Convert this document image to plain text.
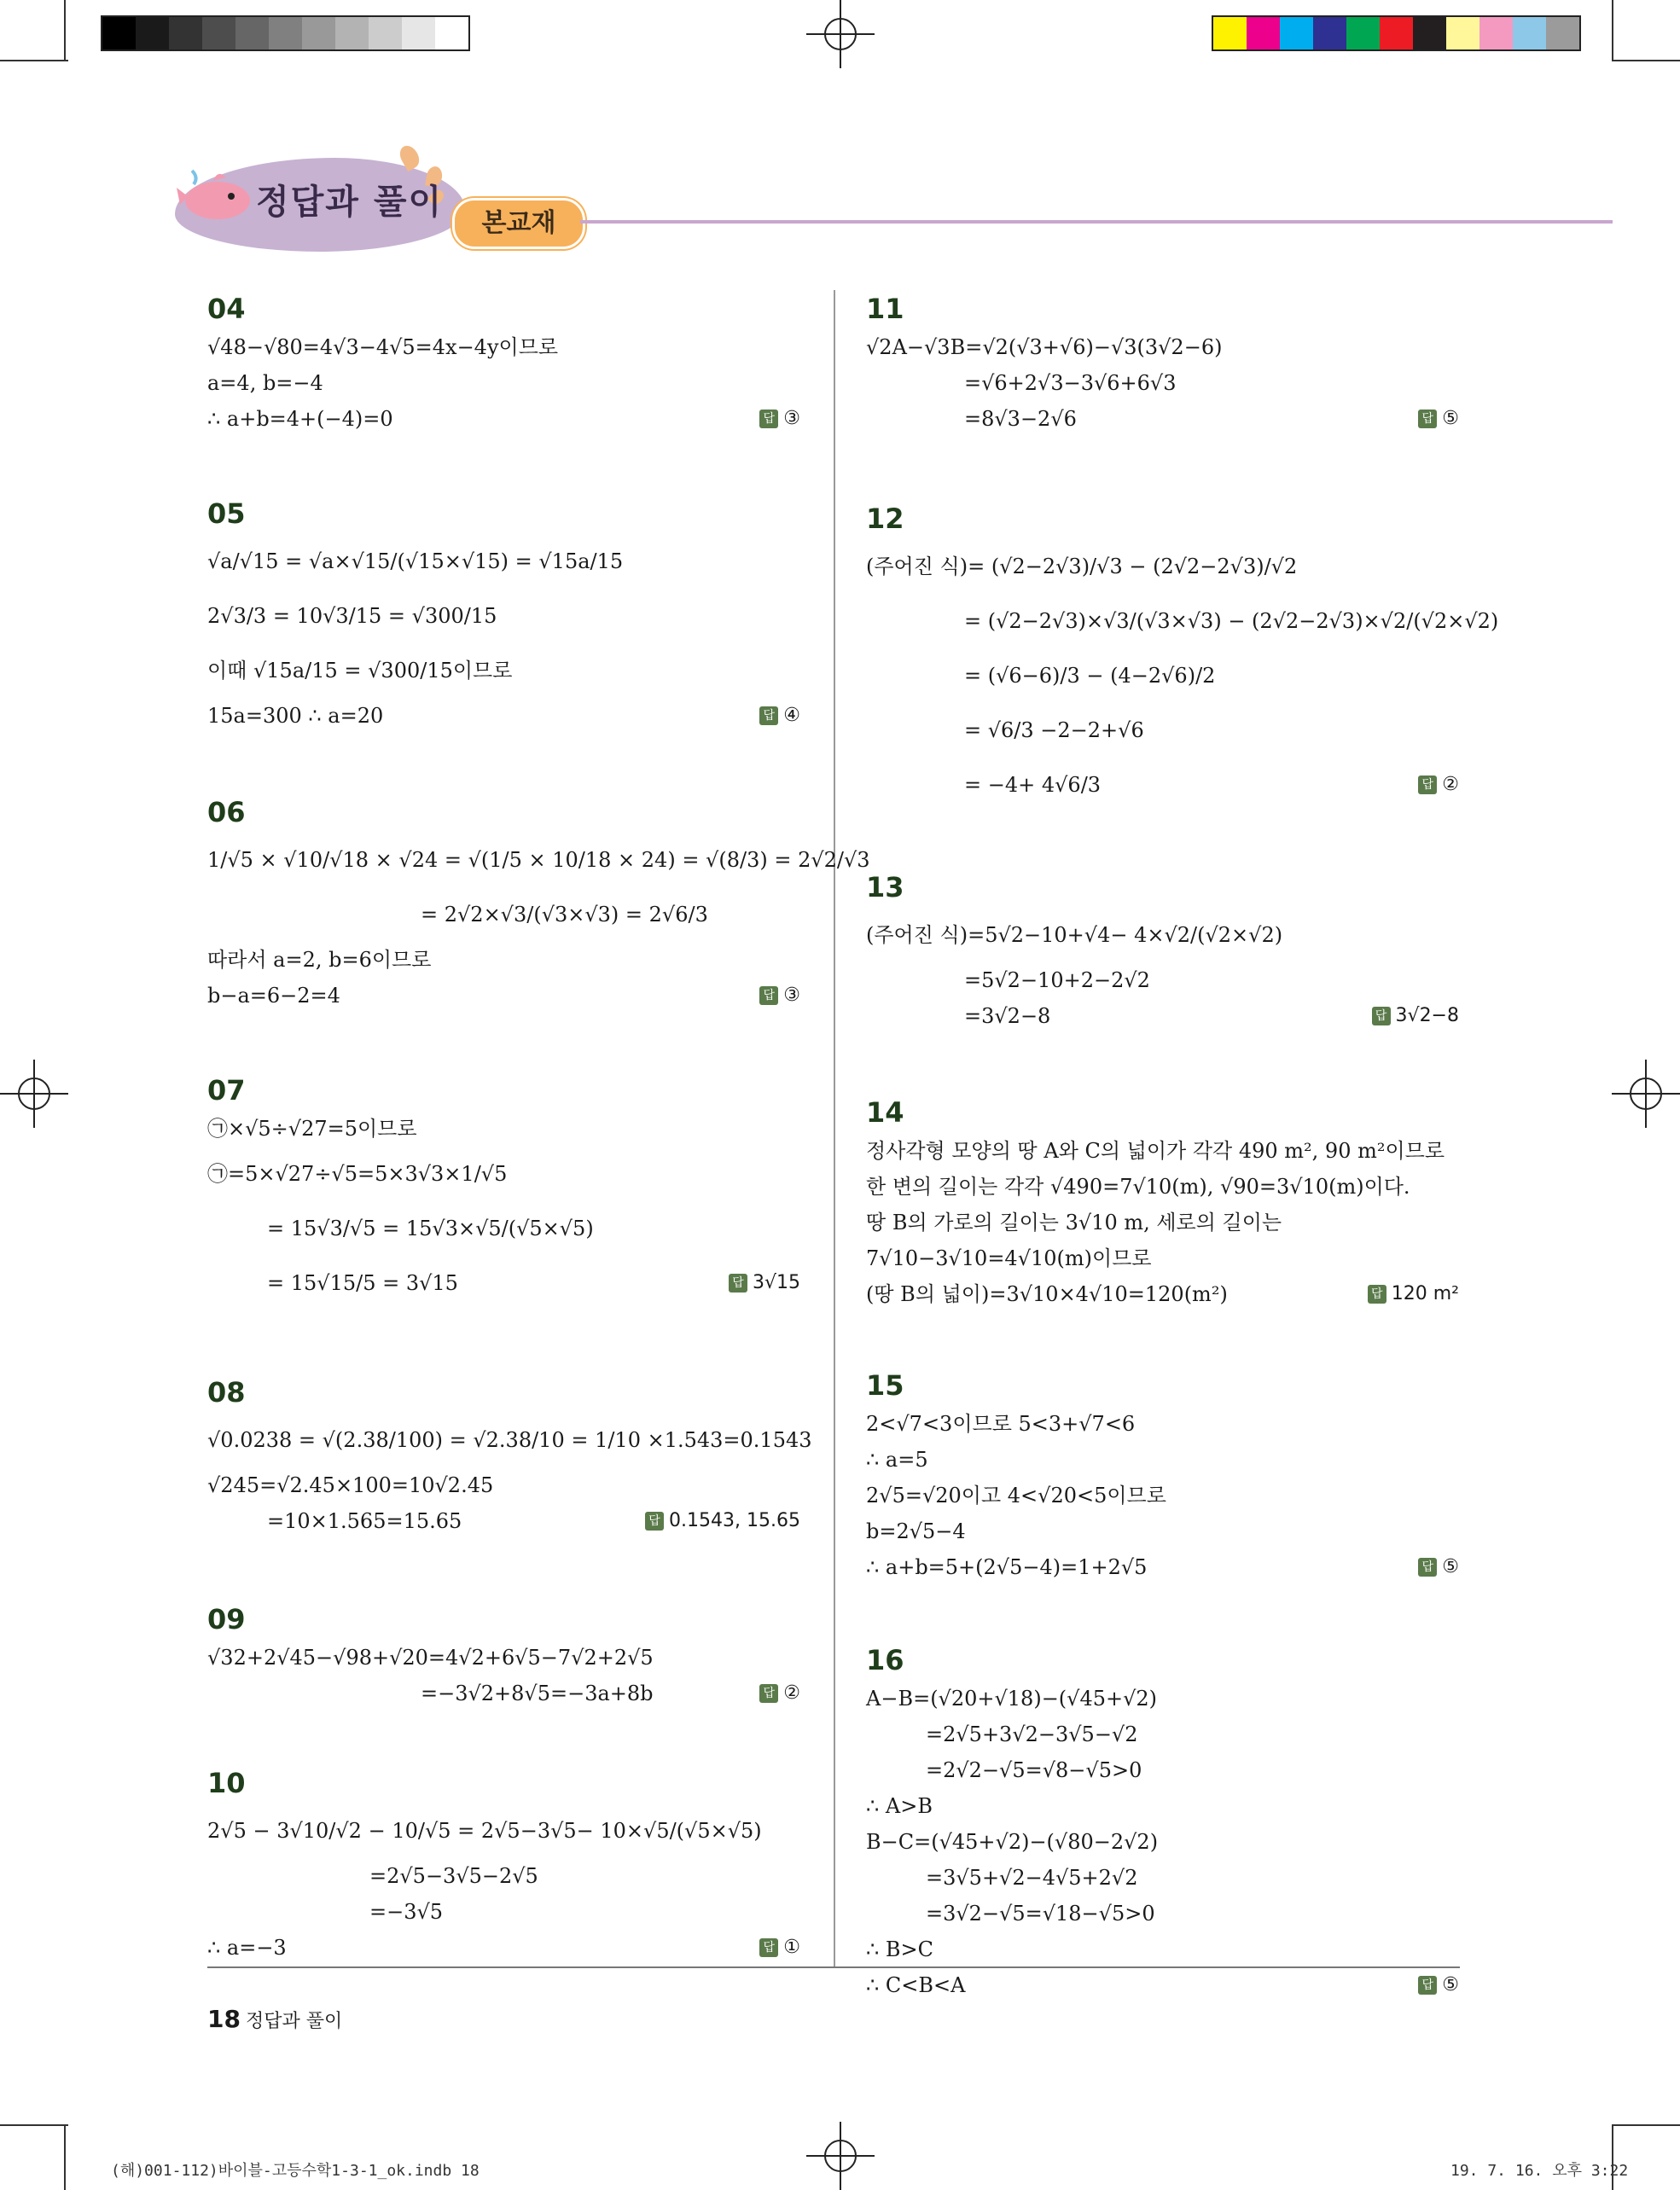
정답과 풀이
본교재
04
√48−√80=4√3−4√5=4x−4y이므로
a=4, b=−4
∴ a+b=4+(−4)=0	답 ③
05
√a/√15 = √a×√15/(√15×√15) = √15a/15
2√3/3 = 10√3/15 = √300/15
이때 √15a/15 = √300/15이므로
15a=300 ∴ a=20	답 ④
06
1/√5 × √10/√18 × √24 = √(1/5 × 10/18 × 24) = √(8/3) = 2√2/√3
= 2√2×√3/(√3×√3) = 2√6/3
따라서 a=2, b=6이므로
b−a=6−2=4	답 ③
07
㉠×√5÷√27=5이므로
㉠=5×√27÷√5=5×3√3×1/√5
= 15√3/√5 = 15√3×√5/(√5×√5)
= 15√15/5 = 3√15	답 3√15
08
√0.0238 = √(2.38/100) = √2.38/10 = 1/10 ×1.543=0.1543
√245=√2.45×100=10√2.45
=10×1.565=15.65	답 0.1543, 15.65
09
√32+2√45−√98+√20=4√2+6√5−7√2+2√5
=−3√2+8√5=−3a+8b	답 ②
10
2√5 − 3√10/√2 − 10/√5 = 2√5−3√5− 10×√5/(√5×√5)
=2√5−3√5−2√5
=−3√5
∴ a=−3	답 ①
11
√2A−√3B=√2(√3+√6)−√3(3√2−6)
=√6+2√3−3√6+6√3
=8√3−2√6	답 ⑤
12
(주어진 식)= (√2−2√3)/√3 − (2√2−2√3)/√2
= (√2−2√3)×√3/(√3×√3) − (2√2−2√3)×√2/(√2×√2)
= (√6−6)/3 − (4−2√6)/2
= √6/3 −2−2+√6
= −4+ 4√6/3	답 ②
13
(주어진 식)=5√2−10+√4− 4×√2/(√2×√2)
=5√2−10+2−2√2
=3√2−8	답 3√2−8
14
정사각형 모양의 땅 A와 C의 넓이가 각각 490 m², 90 m²이므로
한 변의 길이는 각각 √490=7√10(m), √90=3√10(m)이다.
땅 B의 가로의 길이는 3√10 m, 세로의 길이는
7√10−3√10=4√10(m)이므로
(땅 B의 넓이)=3√10×4√10=120(m²)	답 120 m²
15
2<√7<3이므로 5<3+√7<6
∴ a=5
2√5=√20이고 4<√20<5이므로
b=2√5−4
∴ a+b=5+(2√5−4)=1+2√5	답 ⑤
16
A−B=(√20+√18)−(√45+√2)
=2√5+3√2−3√5−√2
=2√2−√5=√8−√5>0
∴ A>B
B−C=(√45+√2)−(√80−2√2)
=3√5+√2−4√5+2√2
=3√2−√5=√18−√5>0
∴ B>C
∴ C<B<A	답 ⑤
18 정답과 풀이
(해)001-112)바이블-고등수학1-3-1_ok.indb 18	19. 7. 16. 오후 3:22
